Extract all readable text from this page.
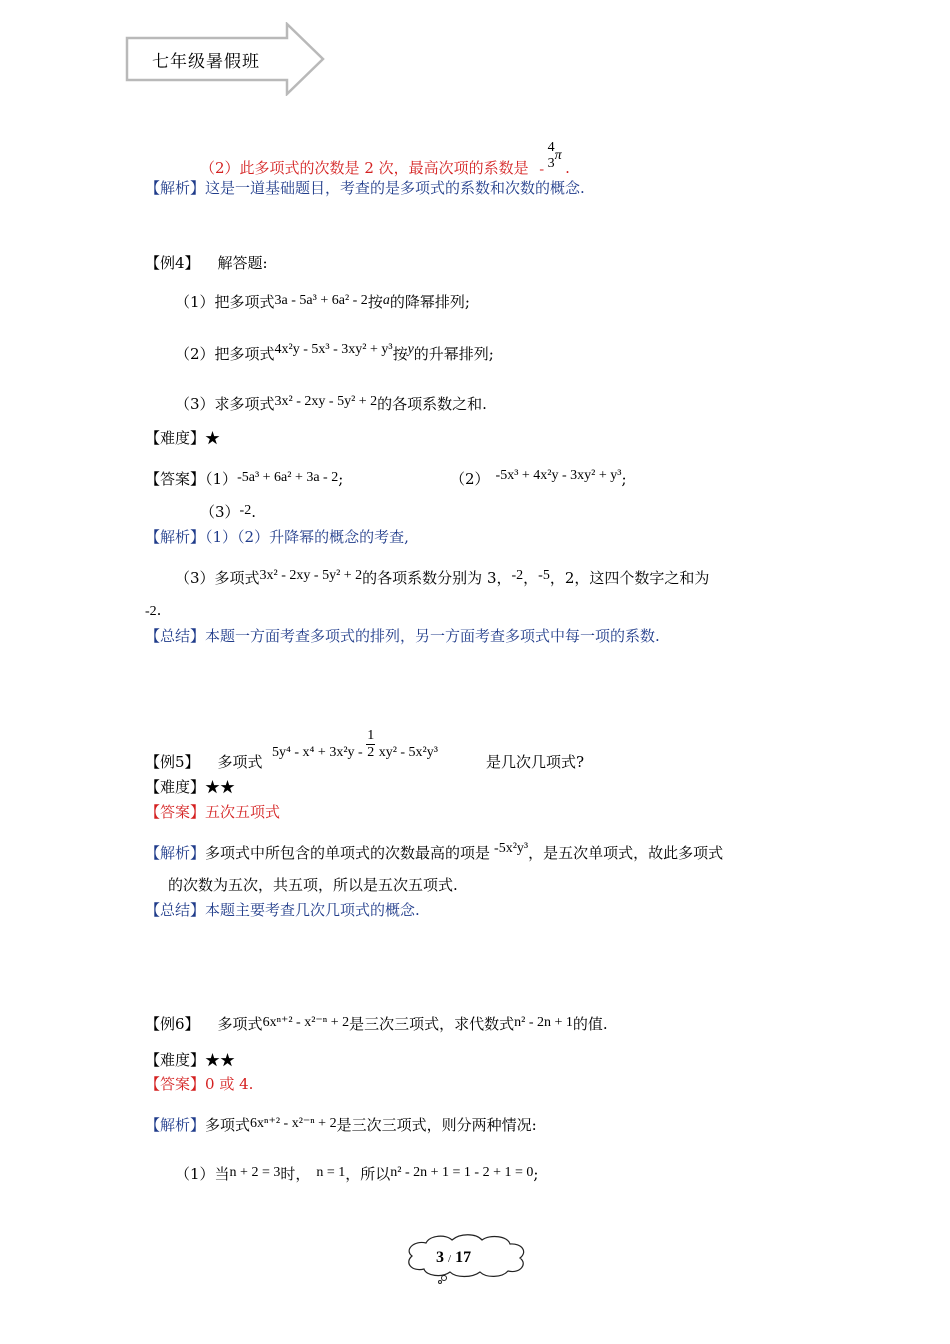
七年级暑假班
（2）此多项式的次数是 2 次，最高次项的系数是 -
4
3
π .
【解析】这是一道基础题目，考查的是多项式的系数和次数的概念.
【例4】 解答题:
（1）把多项式3a - 5a³ + 6a² - 2按a的降幂排列;
（2）把多项式4x²y - 5x³ - 3xy² + y³按y的升幂排列;
（3）求多项式3x² - 2xy - 5y² + 2的各项系数之和.
【难度】★
【答案】（1）-5a³ + 6a² + 3a - 2;	（2） -5x³ + 4x²y - 3xy² + y³;
（3）-2.
【解析】（1）（2）升降幂的概念的考查,
（3）多项式3x² - 2xy - 5y² + 2的各项系数分别为 3，-2，-5，2，这四个数字之和为
-2.
【总结】本题一方面考查多项式的排列，另一方面考查多项式中每一项的系数.
【例5】 多项式
$5y^4 - x^4 + 3x^2y - \frac{1}{2} xy^2 - 5x^2y^3$
是几次几项式?
【难度】★★
【答案】五次五项式
【解析】多项式中所包含的单项式的次数最高的项是 -5x²y³，是五次单项式，故此多项式
的次数为五次，共五项，所以是五次五项式.
【总结】本题主要考查几次几项式的概念.
【例6】 多项式6xⁿ⁺² - x²⁻ⁿ + 2是三次三项式，求代数式n² - 2n + 1的值.
【难度】★★
【答案】0 或 4.
【解析】多项式6xⁿ⁺² - x²⁻ⁿ + 2是三次三项式，则分两种情况:
（1）当n + 2 = 3时， n = 1，所以n² - 2n + 1 = 1 - 2 + 1 = 0;
3 / 17
